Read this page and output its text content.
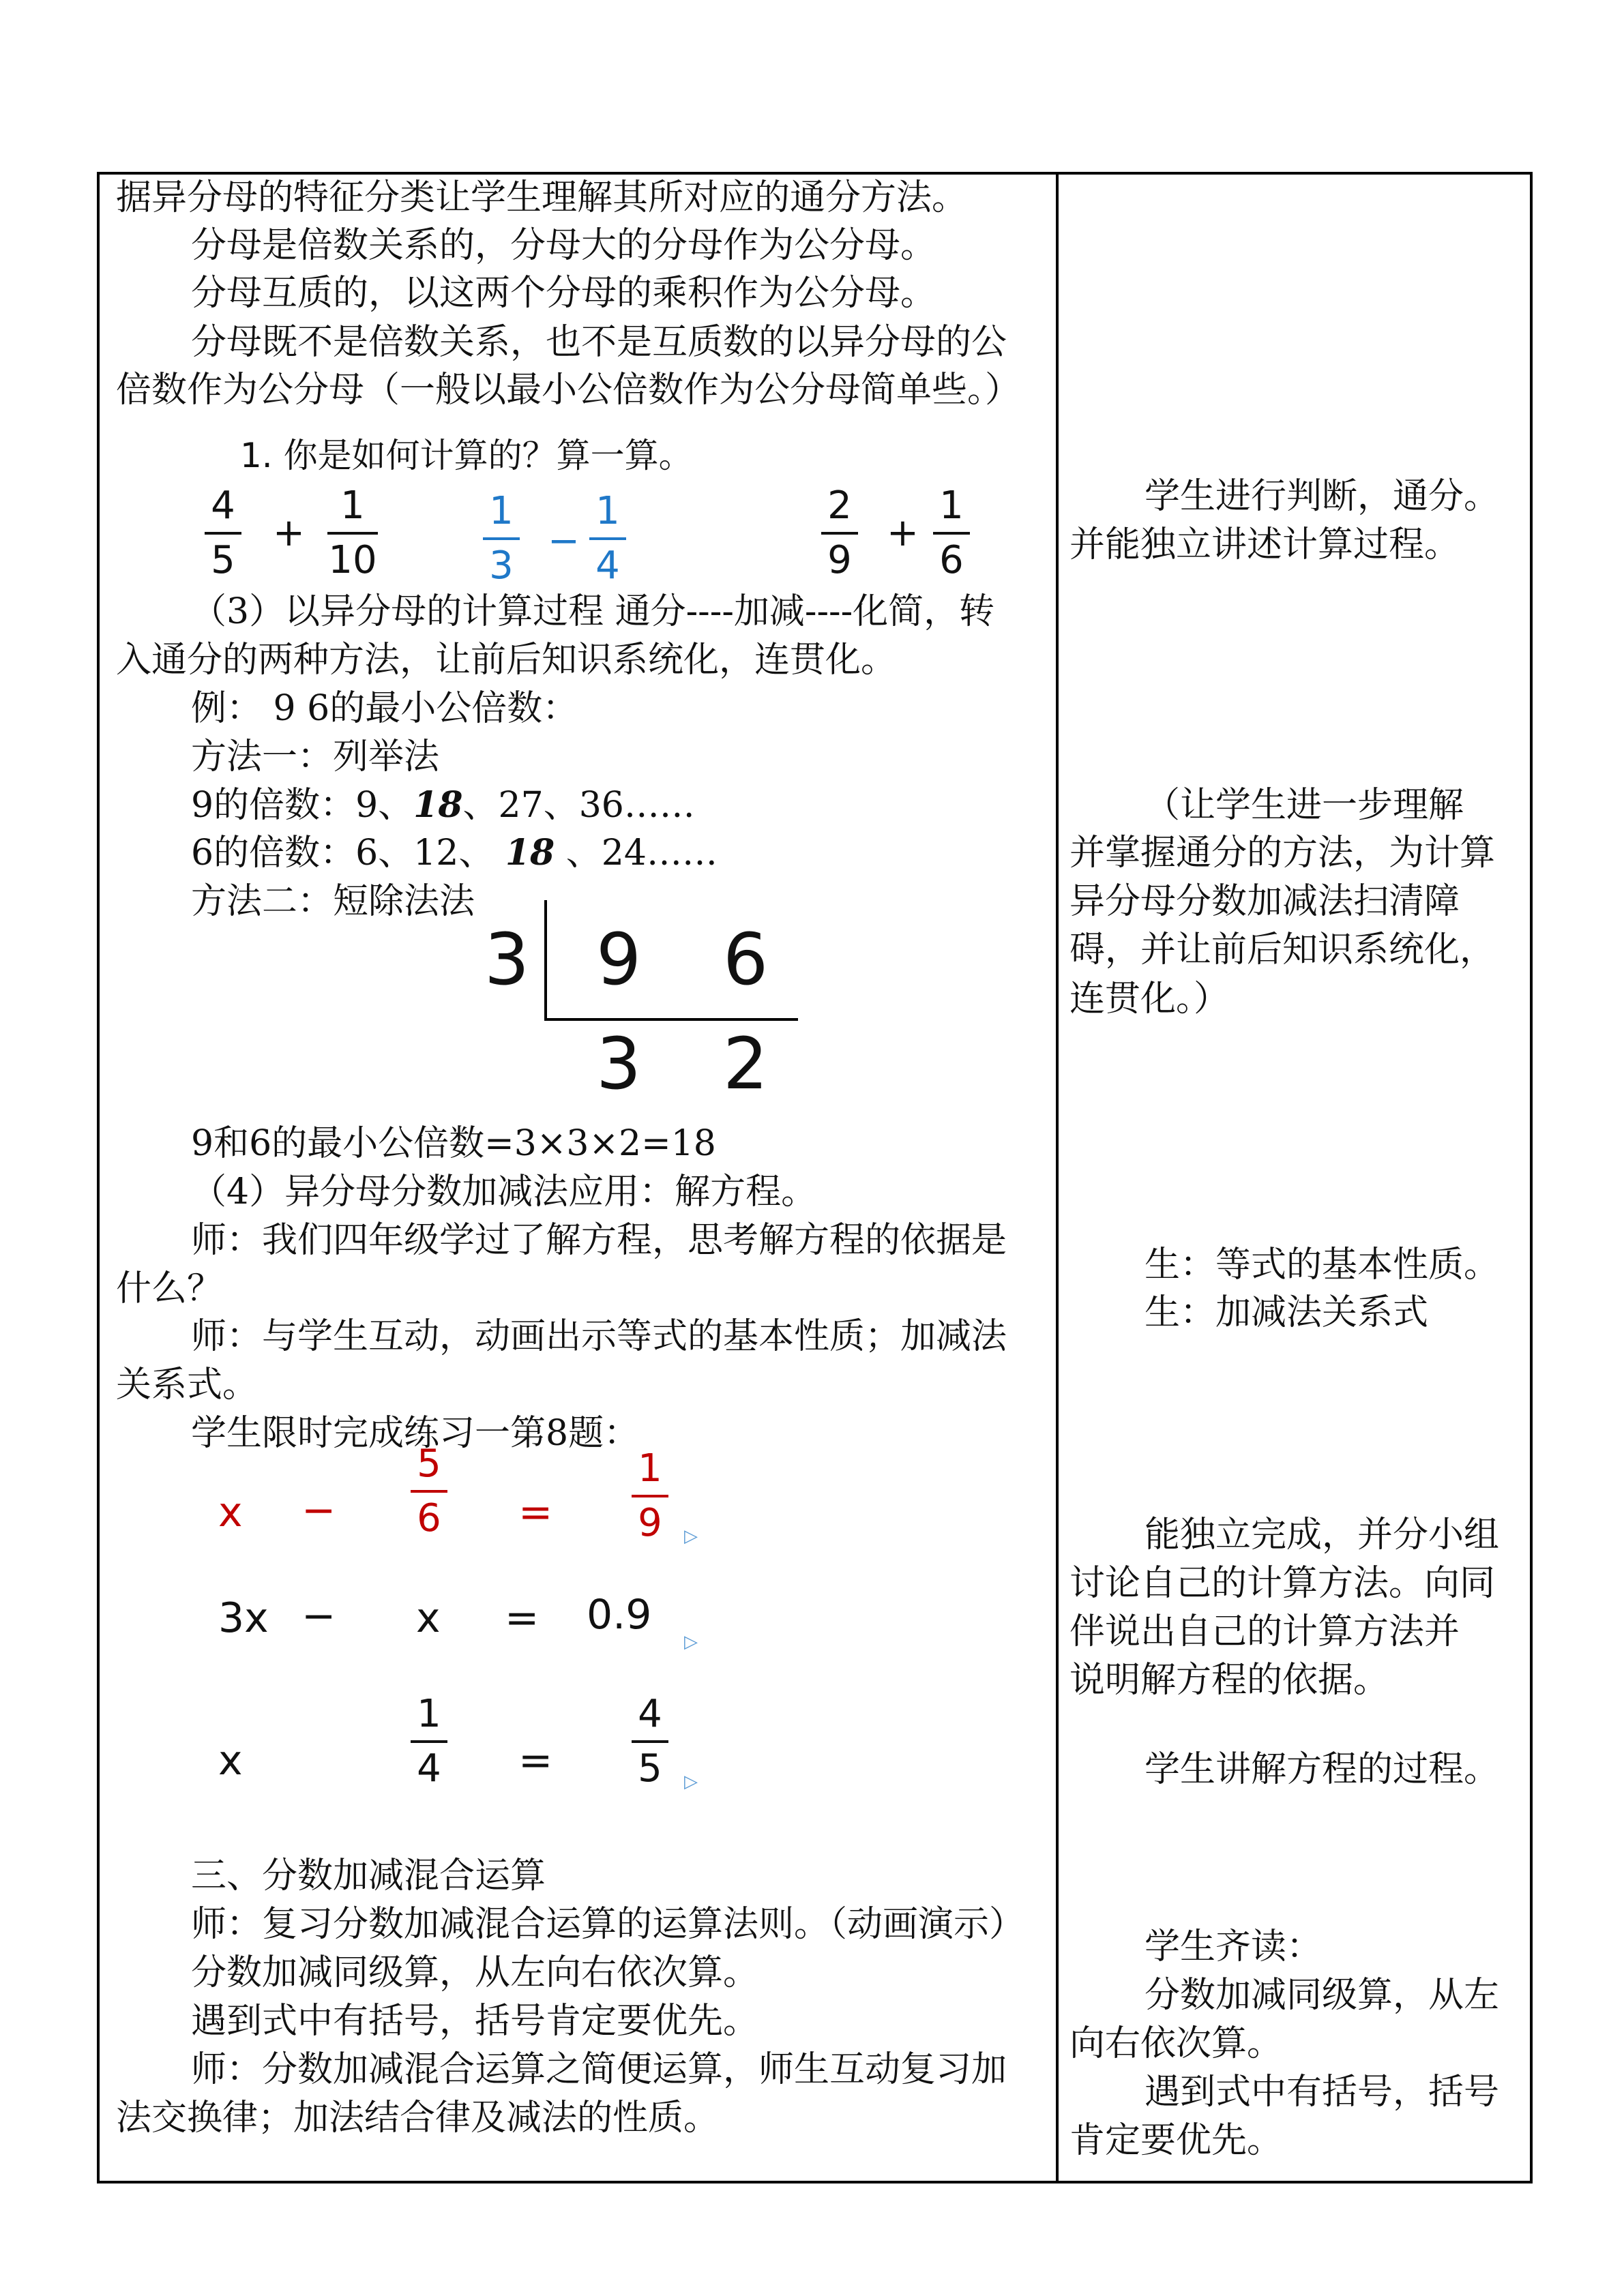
据异分母的特征分类让学生理解其所对应的通分方法。
分母是倍数关系的，分母大的分母作为公分母。
分母互质的，以这两个分母的乘积作为公分母。
分母既不是倍数关系，也不是互质数的以异分母的公
倍数作为公分母（一般以最小公倍数作为公分母简单些。）
1. 你是如何计算的？算一算。
4
5
+
1
10
1
3
−
1
4
2
9
+
1
6
（3）以异分母的计算过程 通分----加减----化简，转
入通分的两种方法，让前后知识系统化，连贯化。
例： 9 6的最小公倍数：
方法一：列举法
9的倍数：9、18、27、36……
6的倍数：6、12、 18 、24……
方法二：短除法法
3 9 6
3 2
9和6的最小公倍数=3×3×2=18
（4）异分母分数加减法应用：解方程。
师：我们四年级学过了解方程，思考解方程的依据是
什么？
师：与学生互动，动画出示等式的基本性质；加减法
关系式。
学生限时完成练习一第8题：
x −
5
6 =
1
9	▷
3x − x = 0.9
▷
x
1
4 =
4
5	▷
三、分数加减混合运算
师：复习分数加减混合运算的运算法则。（动画演示）
分数加减同级算，从左向右依次算。
遇到式中有括号，括号肯定要优先。
师：分数加减混合运算之简便运算，师生互动复习加
法交换律；加法结合律及减法的性质。
学生进行判断，通分。
并能独立讲述计算过程。
（让学生进一步理解
并掌握通分的方法，为计算
异分母分数加减法扫清障
碍，并让前后知识系统化，
连贯化。）
生：等式的基本性质。
生：加减法关系式
能独立完成，并分小组
讨论自己的计算方法。向同
伴说出自己的计算方法并
说明解方程的依据。
学生讲解方程的过程。
学生齐读：
分数加减同级算，从左
向右依次算。
遇到式中有括号，括号
肯定要优先。
